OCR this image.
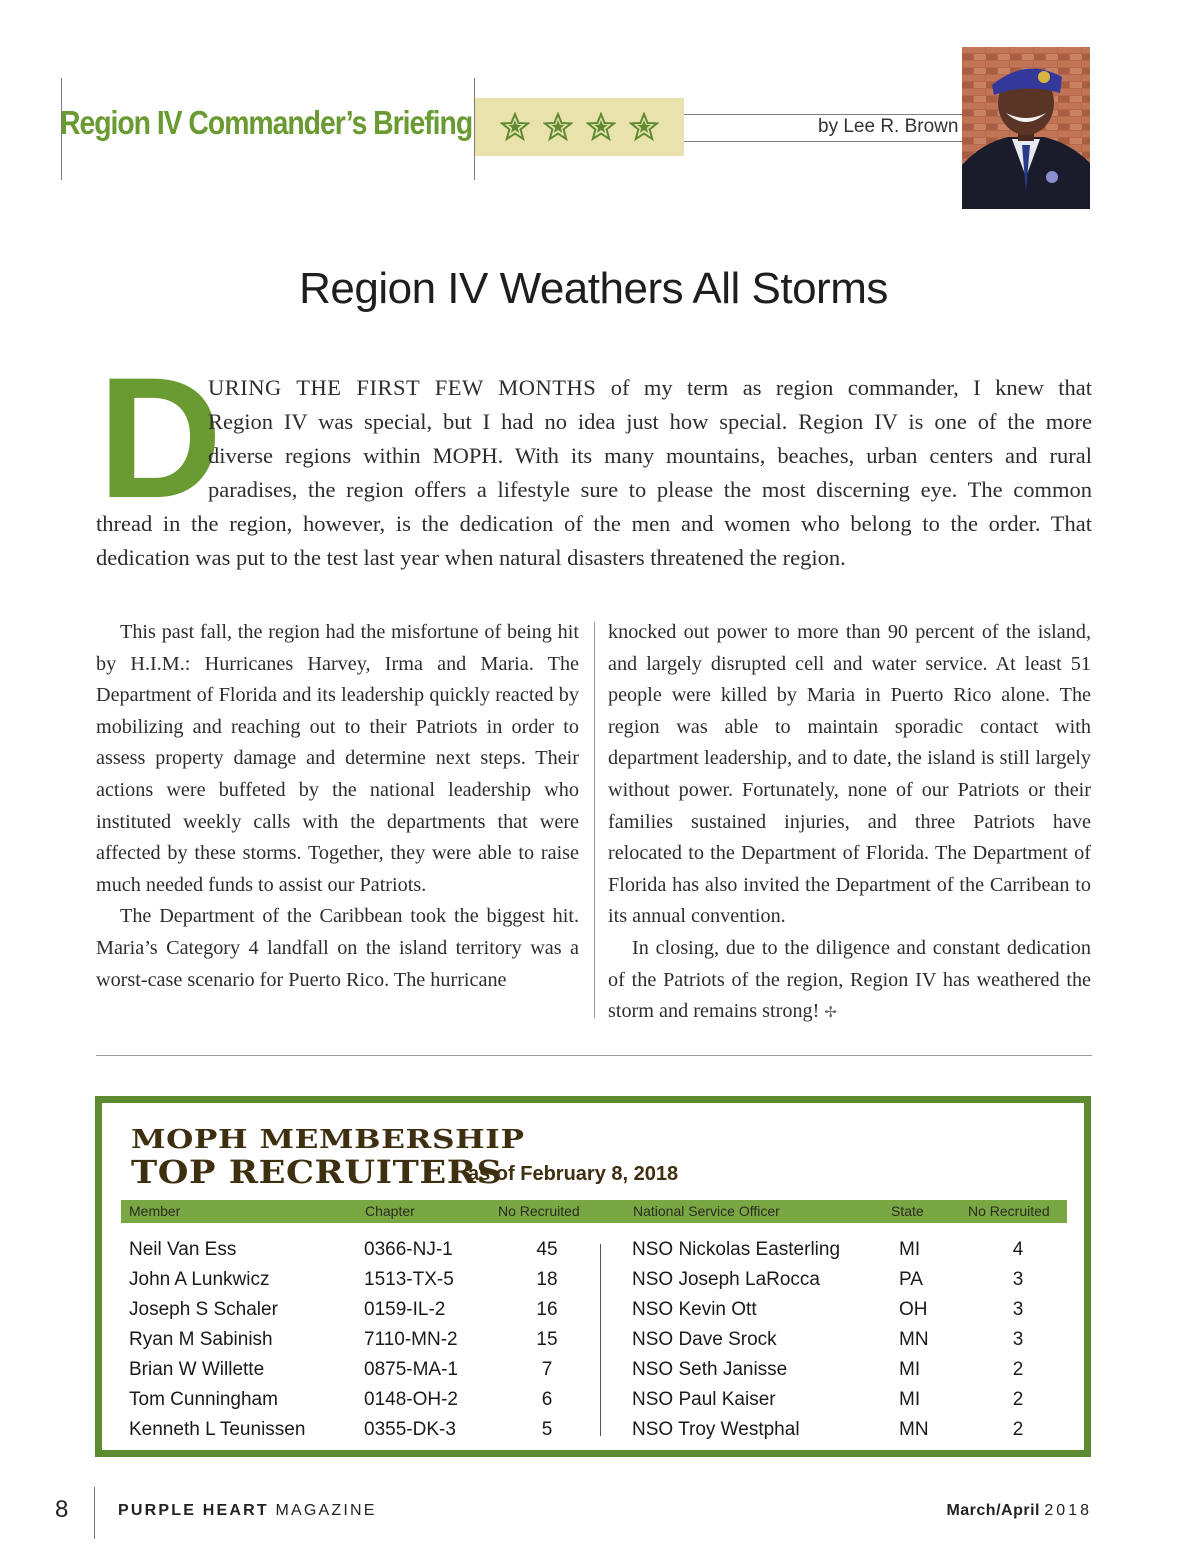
Region IV Commander’s Briefing	by Lee R. Brown
Region IV Weathers All Storms
D

URING THE FIRST FEW MONTHS of my term as region commander, I knew that

Region IV was special, but I had no idea just how special. Region IV is one of the more

diverse regions within MOPH. With its many mountains, beaches, urban centers and rural

paradises, the region offers a lifestyle sure to please the most discerning eye. The common

thread in the region, however, is the dedication of the men and women who belong to the order. That

dedication was put to the test last year when natural disasters threatened the region.

This past fall, the region had the misfortune of being hit by H.I.M.: Hurricanes Harvey, Irma and Maria. The Department of Florida and its leadership quickly reacted by mobilizing and reaching out to their Patriots in order to assess property damage and determine next steps. Their actions were buffeted by the national leadership who instituted weekly calls with the departments that were affected by these storms. Together, they were able to raise much needed funds to assist our Patriots.

The Department of the Caribbean took the biggest hit. Maria’s Category 4 landfall on the island territory was a worst-case scenario for Puerto Rico. The hurricane

knocked out power to more than 90 percent of the island, and largely disrupted cell and water service. At least 51 people were killed by Maria in Puerto Rico alone. The region was able to maintain sporadic contact with department leadership, and to date, the island is still largely without power. Fortunately, none of our Patriots or their families sustained injuries, and three Patriots have relocated to the Department of Florida. The Department of Florida has also invited the Department of the Carribean to its annual convention.

In closing, due to the diligence and constant dedication of the Patriots of the region, Region IV has weathered the storm and remains strong! ✢

MOPH MEMBERSHIP
TOP RECRUITERS
as of February 8, 2018
Member	Chapter	No Recruited	National Service Officer	State	No Recruited
Neil Van Ess	0366-NJ-1	45	NSO Nickolas Easterling	MI	4
John A Lunkwicz	1513-TX-5	18	NSO Joseph LaRocca	PA	3
Joseph S Schaler	0159-IL-2	16	NSO Kevin Ott	OH	3
Ryan M Sabinish	7110-MN-2	15	NSO Dave Srock	MN	3
Brian W Willette	0875-MA-1	7	NSO Seth Janisse	MI	2
Tom Cunningham	0148-OH-2	6	NSO Paul Kaiser	MI	2
Kenneth L Teunissen	0355-DK-3	5	NSO Troy Westphal	MN	2
8	PURPLE HEART MAGAZINE	March/April 2018
